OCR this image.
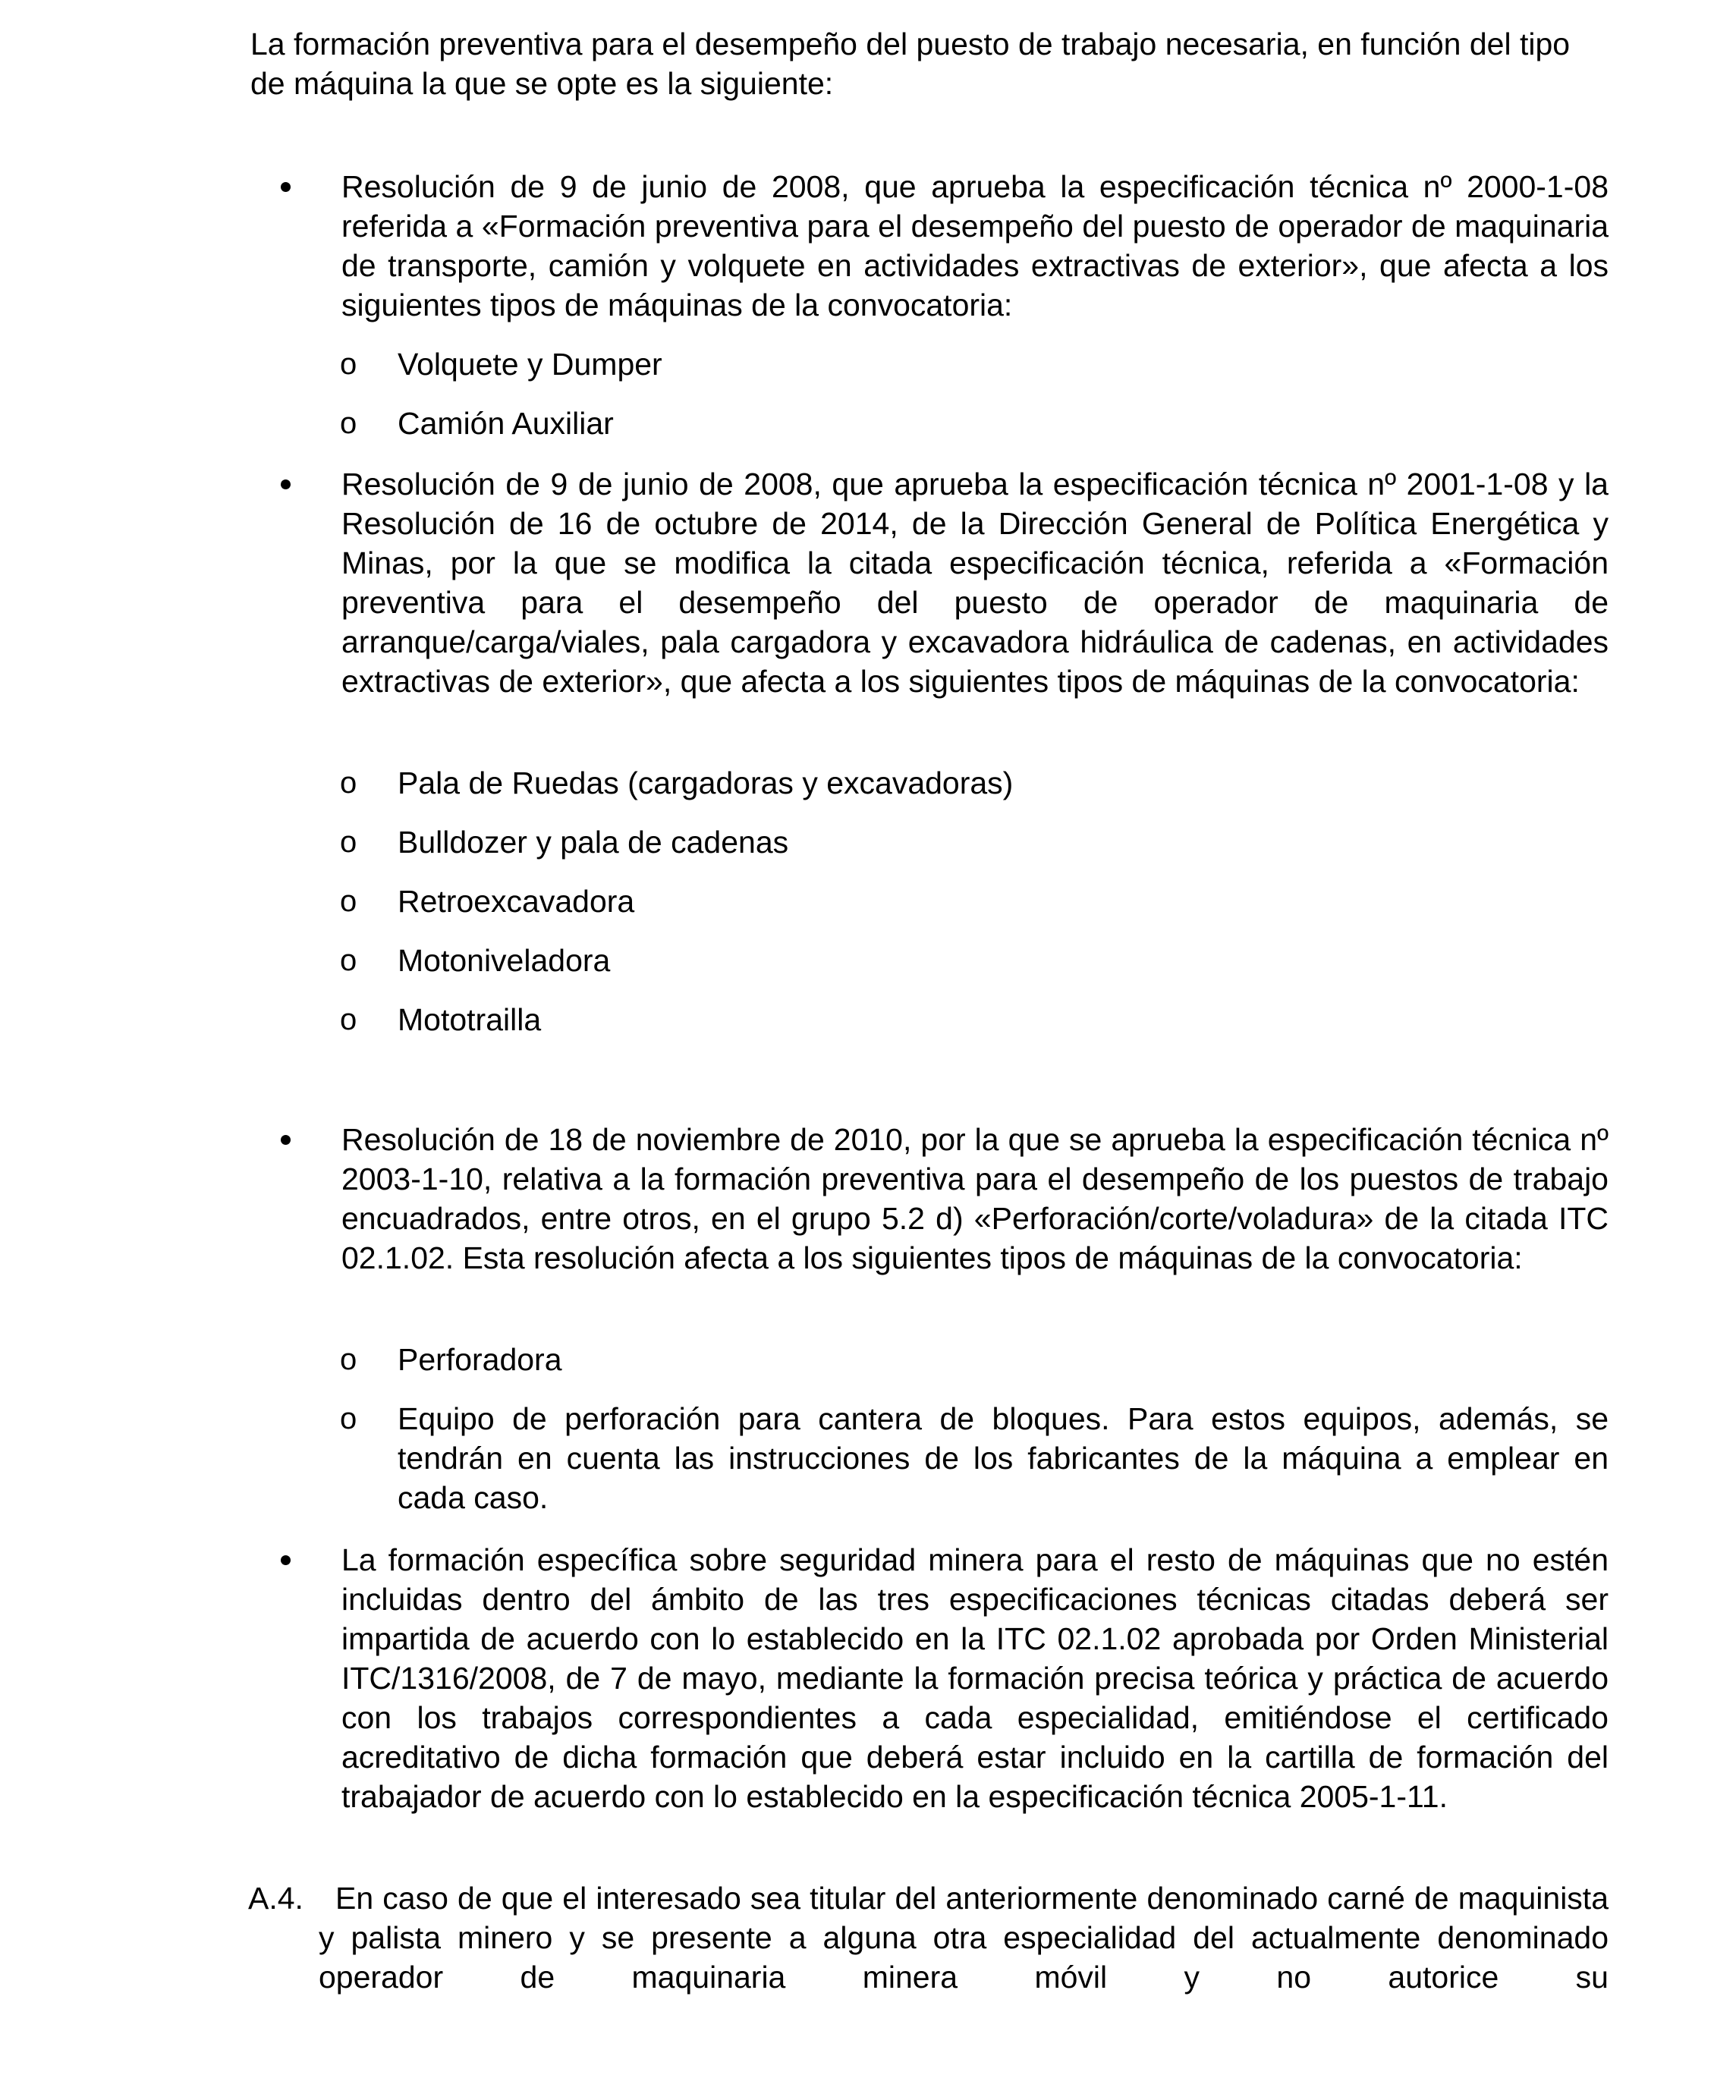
La formación preventiva para el desempeño del puesto de trabajo necesaria, en función del tipo de máquina la que se opte es la siguiente:

Resolución de 9 de junio de 2008, que aprueba la especificación técnica nº 2000-1-08 referida a «Formación preventiva para el desempeño del puesto de operador de maquinaria de transporte, camión y volquete en actividades extractivas de exterior», que afecta a los siguientes tipos de máquinas de la convocatoria:

o Volquete y Dumper

o Camión Auxiliar

Resolución de 9 de junio de 2008, que aprueba la especificación técnica nº 2001-1-08 y la Resolución de 16 de octubre de 2014, de la Dirección General de Política Energética y Minas, por la que se modifica la citada especificación técnica, referida a «Formación preventiva para el desempeño del puesto de operador de maquinaria de arranque/carga/viales, pala cargadora y excavadora hidráulica de cadenas, en actividades extractivas de exterior», que afecta a los siguientes tipos de máquinas de la convocatoria:

o Pala de Ruedas (cargadoras y excavadoras)

o Bulldozer y pala de cadenas

o Retroexcavadora

o Motoniveladora

o Mototrailla

Resolución de 18 de noviembre de 2010, por la que se aprueba la especificación técnica nº 2003-1-10, relativa a la formación preventiva para el desempeño de los puestos de trabajo encuadrados, entre otros, en el grupo 5.2 d) «Perforación/corte/voladura» de la citada ITC 02.1.02. Esta resolución afecta a los siguientes tipos de máquinas de la convocatoria:

o Perforadora

o Equipo de perforación para cantera de bloques. Para estos equipos, además, se tendrán en cuenta las instrucciones de los fabricantes de la máquina a emplear en cada caso.

La formación específica sobre seguridad minera para el resto de máquinas que no estén incluidas dentro del ámbito de las tres especificaciones técnicas citadas deberá ser impartida de acuerdo con lo establecido en la ITC 02.1.02 aprobada por Orden Ministerial ITC/1316/2008, de 7 de mayo, mediante la formación precisa teórica y práctica de acuerdo con los trabajos correspondientes a cada especialidad, emitiéndose el certificado acreditativo de dicha formación que deberá estar incluido en la cartilla de formación del trabajador de acuerdo con lo establecido en la especificación técnica 2005-1-11.

A.4.	En caso de que el interesado sea titular del anteriormente denominado carné de maquinista y palista minero y se presente a alguna otra especialidad del actualmente denominado operador de maquinaria minera móvil y no autorice su
